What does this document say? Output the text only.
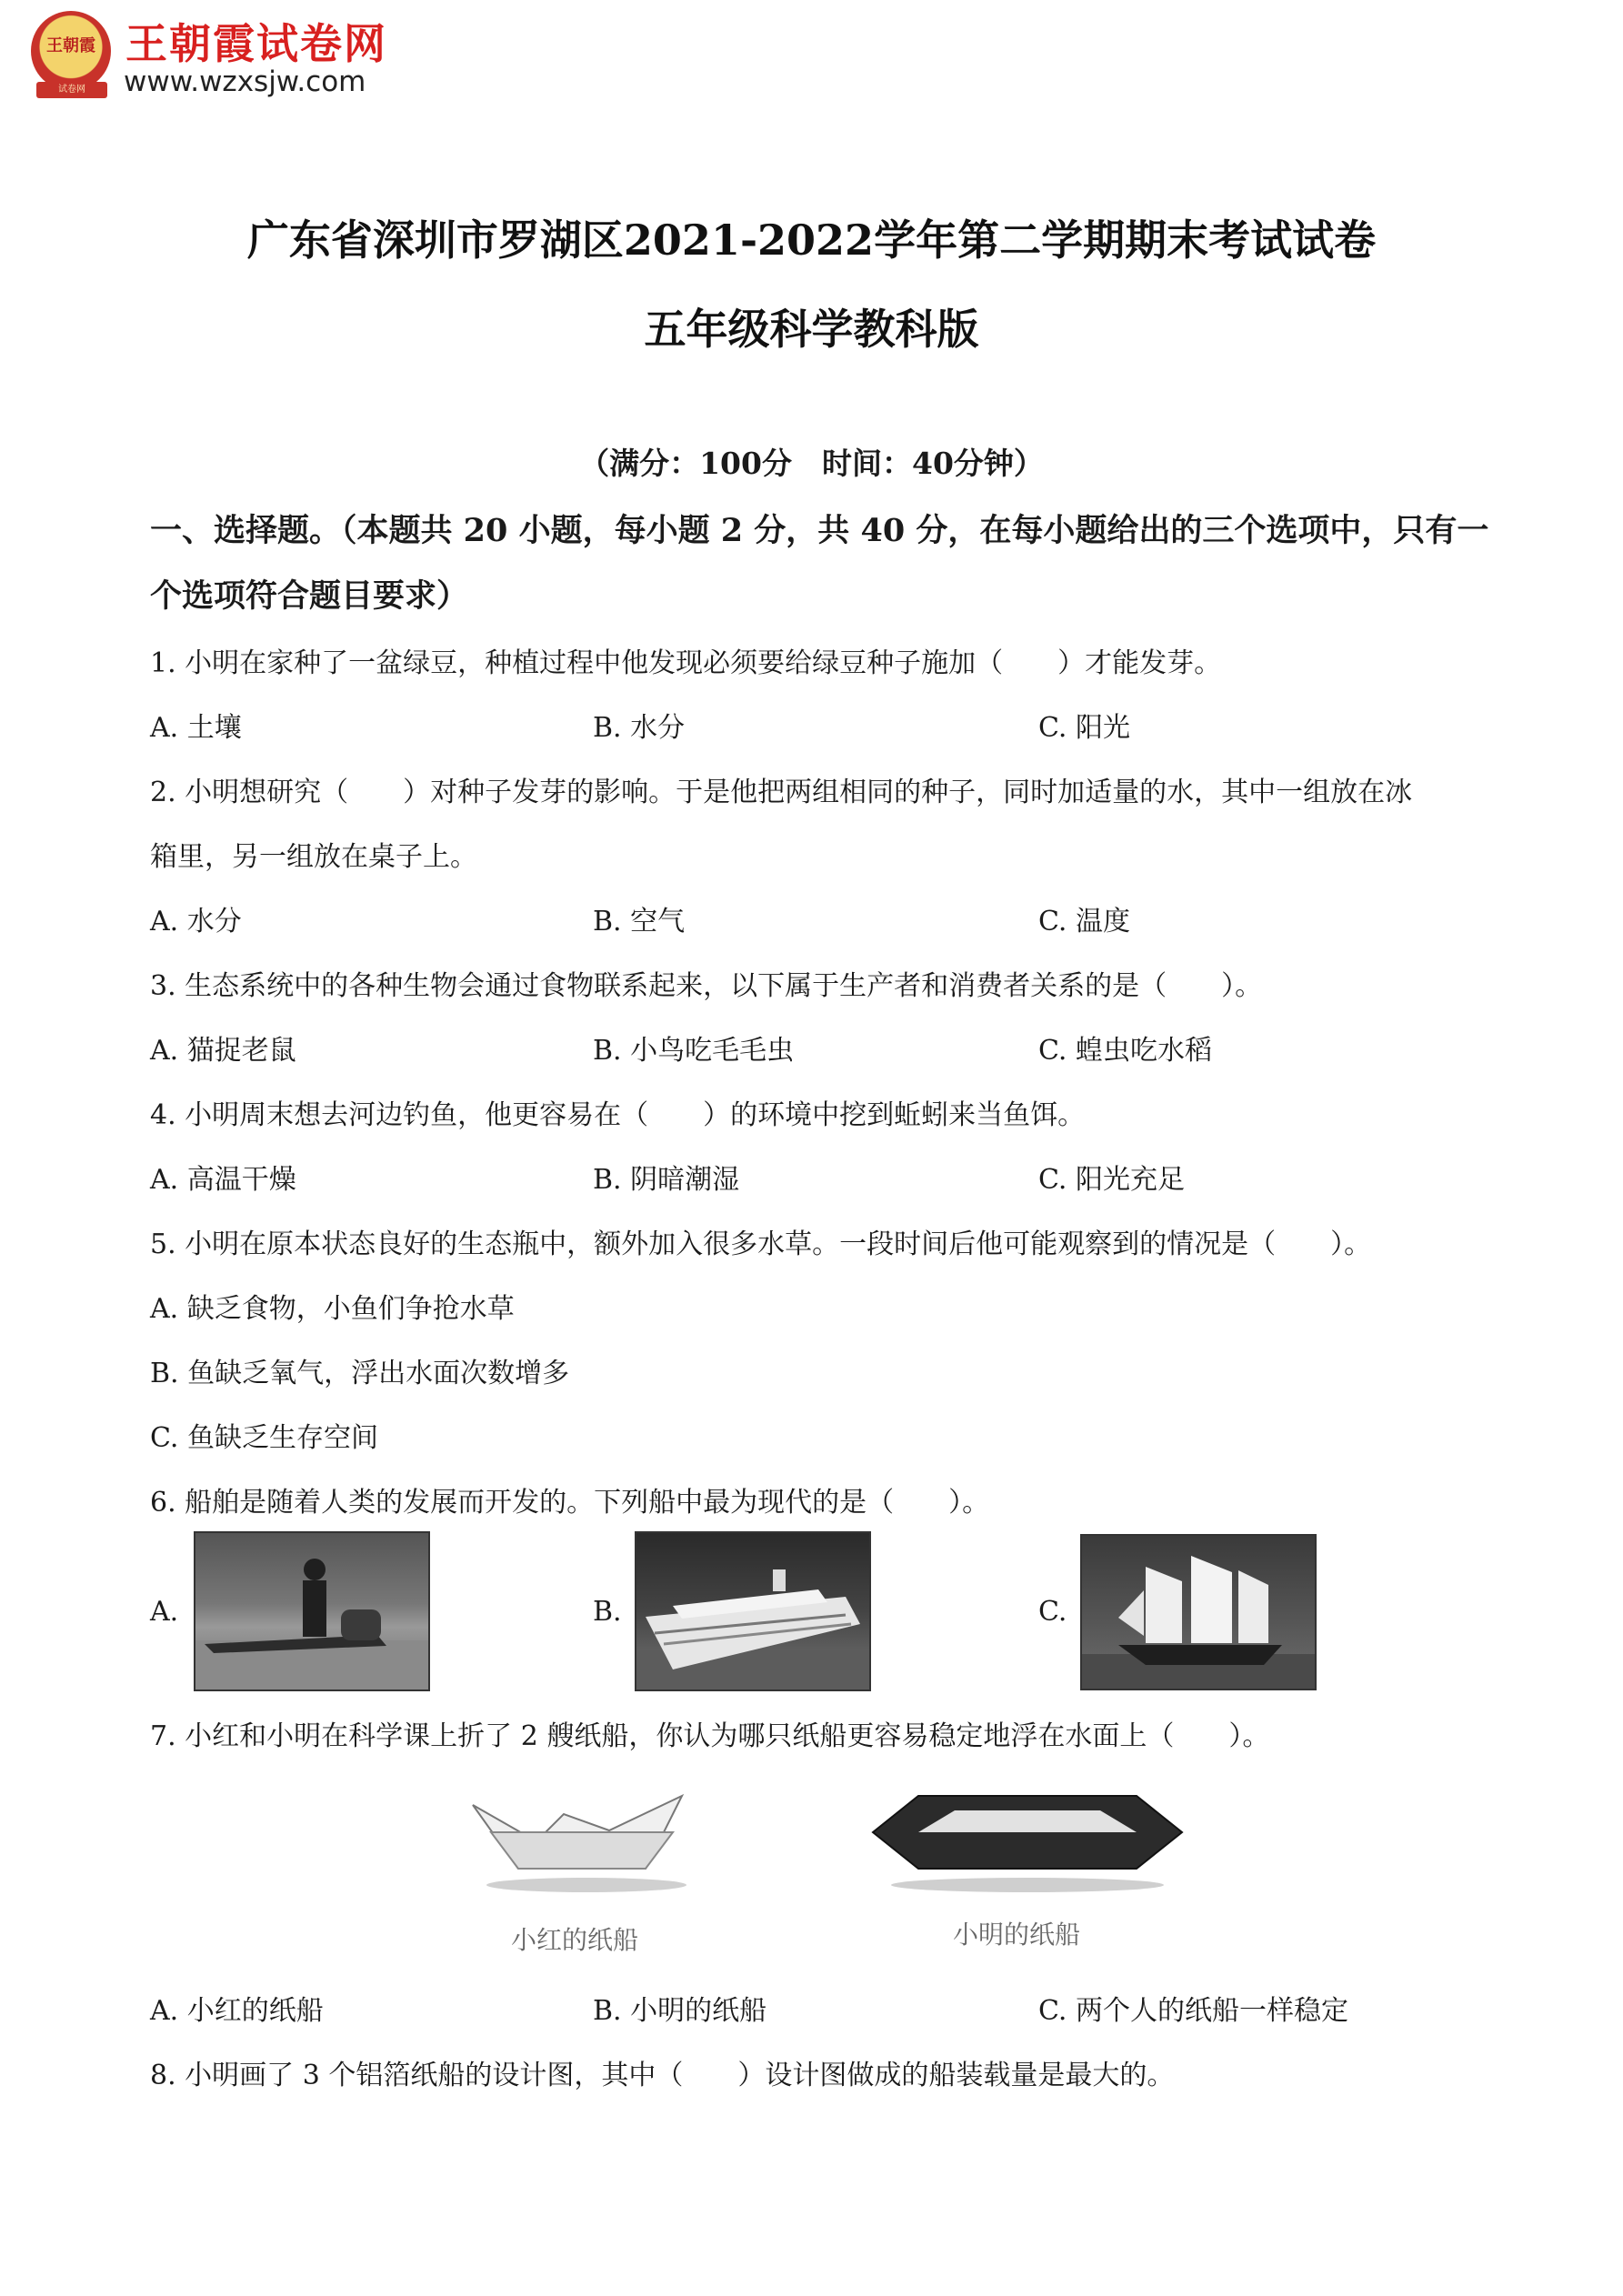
王朝霞
试卷网
王朝霞试卷网
www.wzxsjw.com
广东省深圳市罗湖区2021-2022学年第二学期期末考试试卷
五年级科学教科版
（满分：100分　时间：40分钟）
一、选择题。（本题共 20 小题，每小题 2 分，共 40 分，在每小题给出的三个选项中，只有一
个选项符合题目要求）
1. 小明在家种了一盆绿豆，种植过程中他发现必须要给绿豆种子施加（　　）才能发芽。
A. 土壤	B. 水分	C. 阳光
2. 小明想研究（　　）对种子发芽的影响。于是他把两组相同的种子，同时加适量的水，其中一组放在冰
箱里，另一组放在桌子上。
A. 水分	B. 空气	C. 温度
3. 生态系统中的各种生物会通过食物联系起来，以下属于生产者和消费者关系的是（　　）。
A. 猫捉老鼠	B. 小鸟吃毛毛虫	C. 蝗虫吃水稻
4. 小明周末想去河边钓鱼，他更容易在（　　）的环境中挖到蚯蚓来当鱼饵。
A. 高温干燥	B. 阴暗潮湿	C. 阳光充足
5. 小明在原本状态良好的生态瓶中，额外加入很多水草。一段时间后他可能观察到的情况是（　　）。
A. 缺乏食物，小鱼们争抢水草
B. 鱼缺乏氧气，浮出水面次数增多
C. 鱼缺乏生存空间
6. 船舶是随着人类的发展而开发的。下列船中最为现代的是（　　）。
A.	B.	C.
7. 小红和小明在科学课上折了 2 艘纸船，你认为哪只纸船更容易稳定地浮在水面上（　　）。
小红的纸船	小明的纸船
A. 小红的纸船	B. 小明的纸船	C. 两个人的纸船一样稳定
8. 小明画了 3 个铝箔纸船的设计图，其中（　　）设计图做成的船装载量是最大的。
